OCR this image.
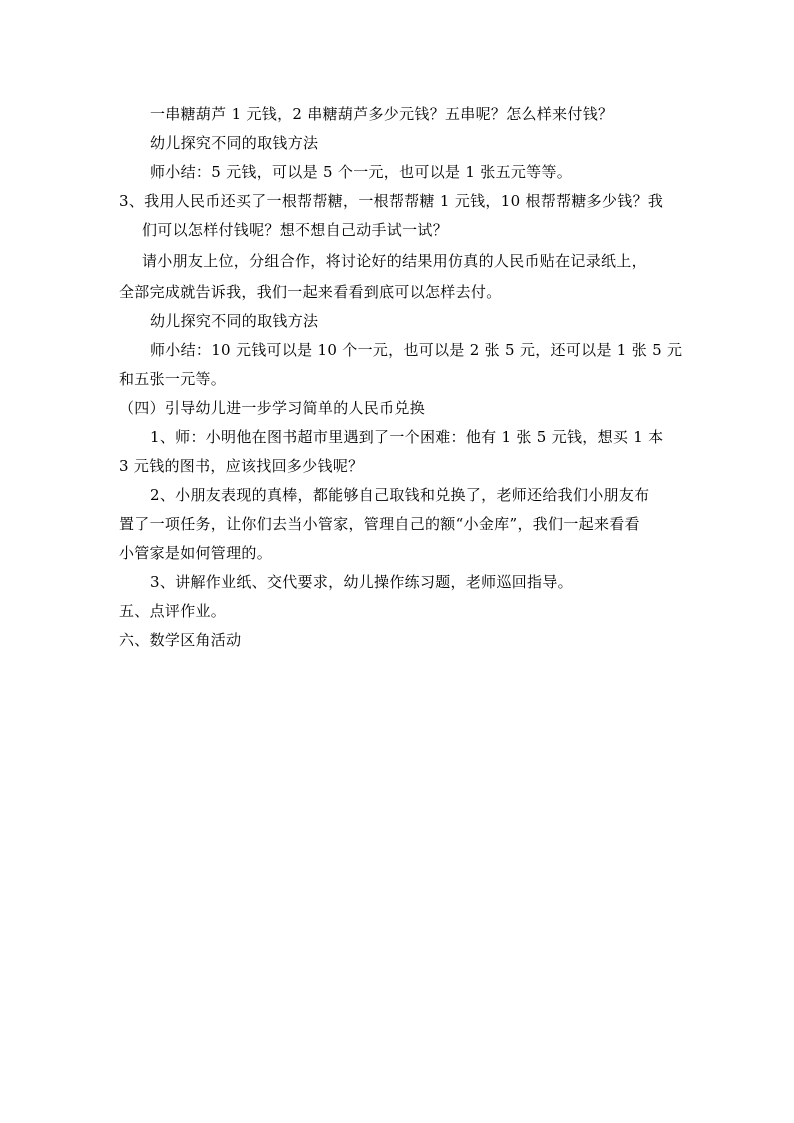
一串糖葫芦 1 元钱，2 串糖葫芦多少元钱？五串呢？怎么样来付钱？
幼儿探究不同的取钱方法
师小结：5 元钱，可以是 5 个一元，也可以是 1 张五元等等。
3、我用人民币还买了一根帮帮糖，一根帮帮糖 1 元钱，10 根帮帮糖多少钱？我
们可以怎样付钱呢？想不想自己动手试一试？
请小朋友上位，分组合作，将讨论好的结果用仿真的人民币贴在记录纸上，
全部完成就告诉我，我们一起来看看到底可以怎样去付。
幼儿探究不同的取钱方法
师小结：10 元钱可以是 10 个一元，也可以是 2 张 5 元，还可以是 1 张 5 元
和五张一元等。
（四）引导幼儿进一步学习简单的人民币兑换
1、师：小明他在图书超市里遇到了一个困难：他有 1 张 5 元钱，想买 1 本
3 元钱的图书，应该找回多少钱呢？
2、小朋友表现的真棒，都能够自己取钱和兑换了，老师还给我们小朋友布
置了一项任务，让你们去当小管家，管理自己的额“小金库”，我们一起来看看
小管家是如何管理的。
3、讲解作业纸、交代要求，幼儿操作练习题，老师巡回指导。
五、点评作业。
六、数学区角活动
